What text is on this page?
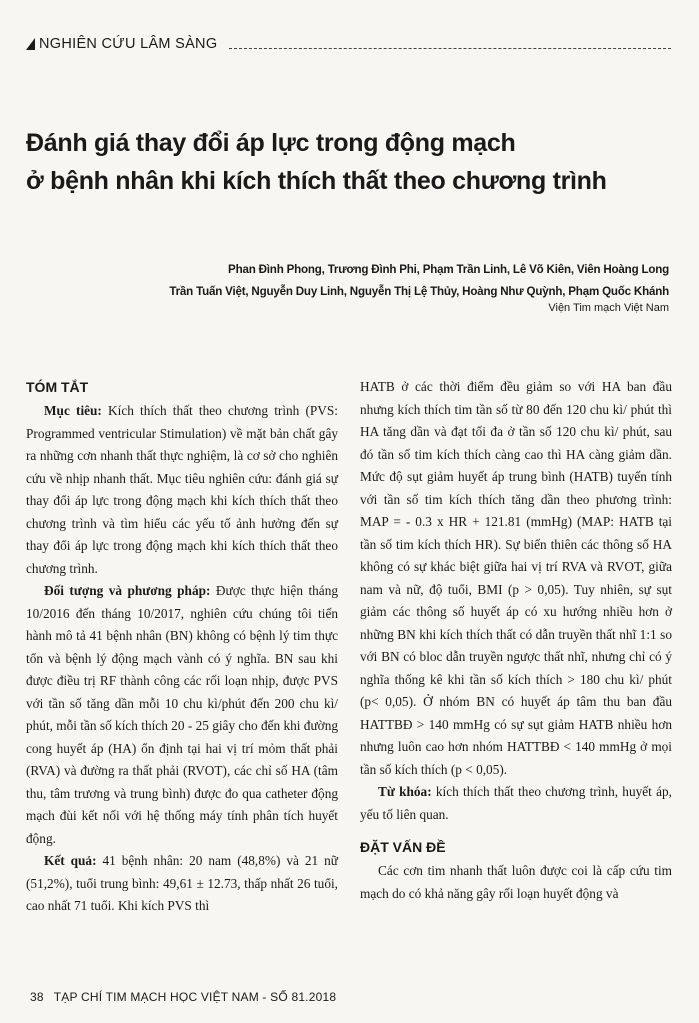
NGHIÊN CỨU LÂM SÀNG
Đánh giá thay đổi áp lực trong động mạch
ở bệnh nhân khi kích thích thất theo chương trình
Phan Đình Phong, Trương Đình Phi, Phạm Trần Linh, Lê Võ Kiên, Viên Hoàng Long
Trần Tuấn Việt, Nguyễn Duy Linh, Nguyễn Thị Lệ Thủy, Hoàng Như Quỳnh, Phạm Quốc Khánh
Viện Tim mạch Việt Nam
TÓM TẮT

Mục tiêu: Kích thích thất theo chương trình (PVS: Programmed ventricular Stimulation) về mặt bản chất gây ra những cơn nhanh thất thực nghiệm, là cơ sở cho nghiên cứu về nhịp nhanh thất. Mục tiêu nghiên cứu: đánh giá sự thay đổi áp lực trong động mạch khi kích thích thất theo chương trình và tìm hiểu các yếu tố ảnh hưởng đến sự thay đổi áp lực trong động mạch khi kích thích thất theo chương trình.

Đối tượng và phương pháp: Được thực hiện tháng 10/2016 đến tháng 10/2017, nghiên cứu chúng tôi tiến hành mô tả 41 bệnh nhân (BN) không có bệnh lý tim thực tổn và bệnh lý động mạch vành có ý nghĩa. BN sau khi được điều trị RF thành công các rối loạn nhịp, được PVS với tần số tăng dần mỗi 10 chu kì/phút đến 200 chu kì/ phút, mỗi tần số kích thích 20 - 25 giây cho đến khi đường cong huyết áp (HA) ổn định tại hai vị trí mỏm thất phải (RVA) và đường ra thất phải (RVOT), các chỉ số HA (tâm thu, tâm trương và trung bình) được đo qua catheter động mạch đùi kết nối với hệ thống máy tính phân tích huyết động.

Kết quả: 41 bệnh nhân: 20 nam (48,8%) và 21 nữ (51,2%), tuổi trung bình: 49,61 ± 12.73, thấp nhất 26 tuổi, cao nhất 71 tuổi. Khi kích PVS thì

HATB ở các thời điểm đều giảm so với HA ban đầu nhưng kích thích tim tần số từ 80 đến 120 chu kì/ phút thì HA tăng dần và đạt tối đa ở tần số 120 chu kì/ phút, sau đó tần số tim kích thích càng cao thì HA càng giảm dần. Mức độ sụt giảm huyết áp trung bình (HATB) tuyến tính với tần số tim kích thích tăng dần theo phương trình: MAP = - 0.3 x HR + 121.81 (mmHg) (MAP: HATB tại tần số tim kích thích HR). Sự biến thiên các thông số HA không có sự khác biệt giữa hai vị trí RVA và RVOT, giữa nam và nữ, độ tuổi, BMI (p > 0,05). Tuy nhiên, sự sụt giảm các thông số huyết áp có xu hướng nhiều hơn ở những BN khi kích thích thất có dẫn truyền thất nhĩ 1:1 so với BN có bloc dẫn truyền ngược thất nhĩ, nhưng chỉ có ý nghĩa thống kê khi tần số kích thích > 180 chu kì/ phút (p< 0,05). Ở nhóm BN có huyết áp tâm thu ban đầu HATTBĐ > 140 mmHg có sự sụt giảm HATB nhiều hơn nhưng luôn cao hơn nhóm HATTBĐ < 140 mmHg ở mọi tần số kích thích (p < 0,05).

Từ khóa: kích thích thất theo chương trình, huyết áp, yếu tố liên quan.

ĐẶT VẤN ĐỀ

Các cơn tim nhanh thất luôn được coi là cấp cứu tim mạch do có khả năng gây rối loạn huyết động và

38 TẠP CHÍ TIM MẠCH HỌC VIỆT NAM - SỐ 81.2018
